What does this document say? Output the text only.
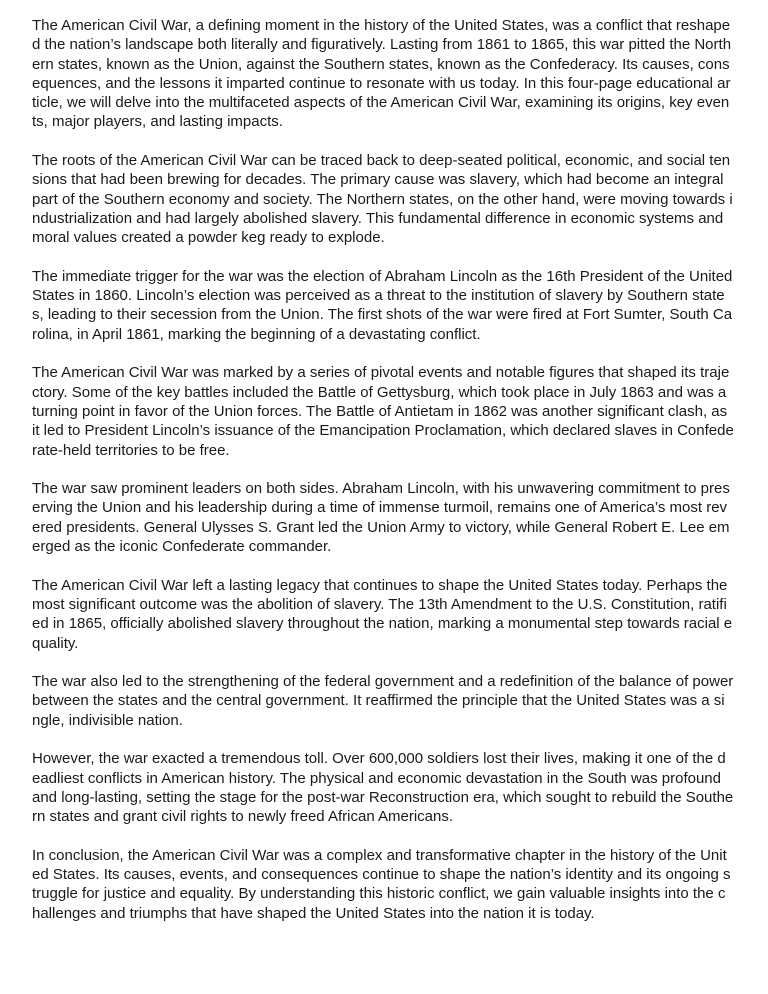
The American Civil War, a defining moment in the history of the United States, was a conflict that reshape
d the nation’s landscape both literally and figuratively. Lasting from 1861 to 1865, this war pitted the North
ern states, known as the Union, against the Southern states, known as the Confederacy. Its causes, cons
equences, and the lessons it imparted continue to resonate with us today. In this four-page educational ar
ticle, we will delve into the multifaceted aspects of the American Civil War, examining its origins, key even
ts, major players, and lasting impacts.

The roots of the American Civil War can be traced back to deep-seated political, economic, and social ten
sions that had been brewing for decades. The primary cause was slavery, which had become an integral
part of the Southern economy and society. The Northern states, on the other hand, were moving towards i
ndustrialization and had largely abolished slavery. This fundamental difference in economic systems and
moral values created a powder keg ready to explode.

The immediate trigger for the war was the election of Abraham Lincoln as the 16th President of the United
States in 1860. Lincoln’s election was perceived as a threat to the institution of slavery by Southern state
s, leading to their secession from the Union. The first shots of the war were fired at Fort Sumter, South Ca
rolina, in April 1861, marking the beginning of a devastating conflict.

The American Civil War was marked by a series of pivotal events and notable figures that shaped its traje
ctory. Some of the key battles included the Battle of Gettysburg, which took place in July 1863 and was a
turning point in favor of the Union forces. The Battle of Antietam in 1862 was another significant clash, as
it led to President Lincoln’s issuance of the Emancipation Proclamation, which declared slaves in Confede
rate-held territories to be free.

The war saw prominent leaders on both sides. Abraham Lincoln, with his unwavering commitment to pres
erving the Union and his leadership during a time of immense turmoil, remains one of America’s most rev
ered presidents. General Ulysses S. Grant led the Union Army to victory, while General Robert E. Lee em
erged as the iconic Confederate commander.

The American Civil War left a lasting legacy that continues to shape the United States today. Perhaps the
most significant outcome was the abolition of slavery. The 13th Amendment to the U.S. Constitution, ratifi
ed in 1865, officially abolished slavery throughout the nation, marking a monumental step towards racial e
quality.

The war also led to the strengthening of the federal government and a redefinition of the balance of power
between the states and the central government. It reaffirmed the principle that the United States was a si
ngle, indivisible nation.

However, the war exacted a tremendous toll. Over 600,000 soldiers lost their lives, making it one of the d
eadliest conflicts in American history. The physical and economic devastation in the South was profound
and long-lasting, setting the stage for the post-war Reconstruction era, which sought to rebuild the Southe
rn states and grant civil rights to newly freed African Americans.

In conclusion, the American Civil War was a complex and transformative chapter in the history of the Unit
ed States. Its causes, events, and consequences continue to shape the nation’s identity and its ongoing s
truggle for justice and equality. By understanding this historic conflict, we gain valuable insights into the c
hallenges and triumphs that have shaped the United States into the nation it is today.
